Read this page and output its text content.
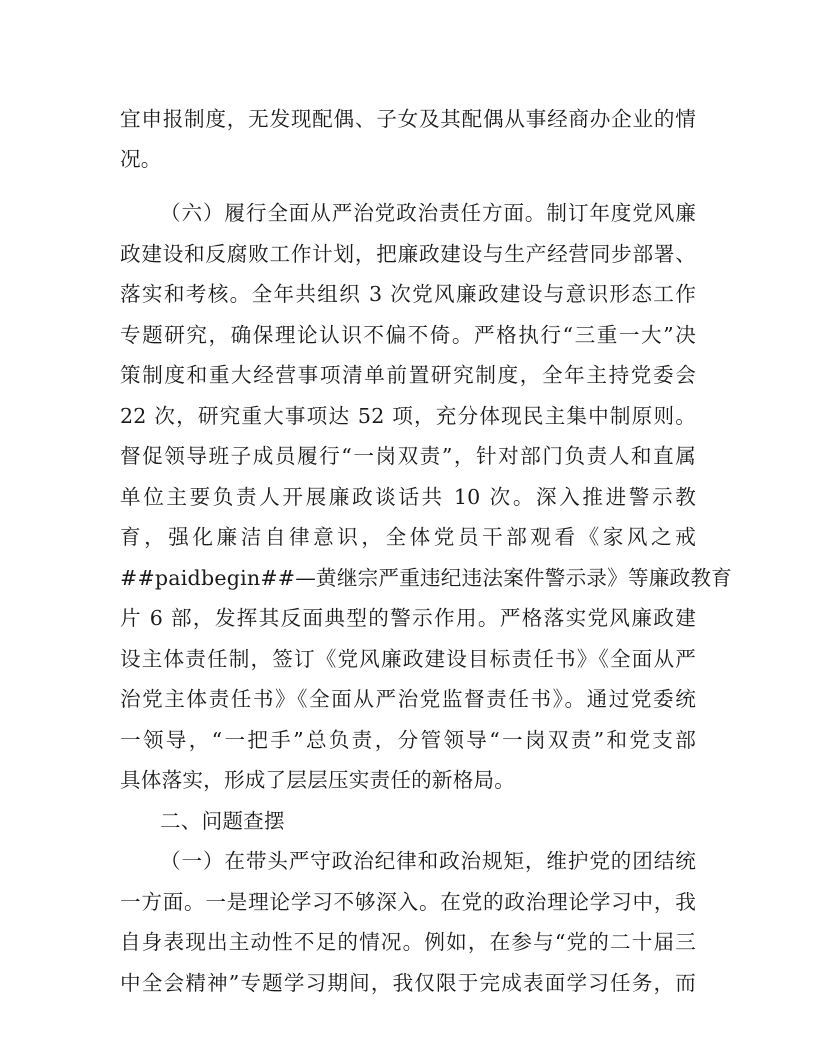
宜申报制度，无发现配偶、子女及其配偶从事经商办企业的情
况。
（六）履行全面从严治党政治责任方面。制订年度党风廉
政建设和反腐败工作计划，把廉政建设与生产经营同步部署、
落实和考核。全年共组织 3 次党风廉政建设与意识形态工作
专题研究，确保理论认识不偏不倚。严格执行“三重一大”决
策制度和重大经营事项清单前置研究制度，全年主持党委会
22 次，研究重大事项达 52 项，充分体现民主集中制原则。
督促领导班子成员履行“一岗双责”，针对部门负责人和直属
单位主要负责人开展廉政谈话共 10 次。深入推进警示教
育，强化廉洁自律意识，全体党员干部观看《家风之戒
##paidbegin##—黄继宗严重违纪违法案件警示录》等廉政教育
片 6 部，发挥其反面典型的警示作用。严格落实党风廉政建
设主体责任制，签订《党风廉政建设目标责任书》《全面从严
治党主体责任书》《全面从严治党监督责任书》。通过党委统
一领导，“一把手”总负责，分管领导“一岗双责”和党支部
具体落实，形成了层层压实责任的新格局。
二、问题查摆
（一）在带头严守政治纪律和政治规矩，维护党的团结统
一方面。一是理论学习不够深入。在党的政治理论学习中，我
自身表现出主动性不足的情况。例如，在参与“党的二十届三
中全会精神”专题学习期间，我仅限于完成表面学习任务，而
